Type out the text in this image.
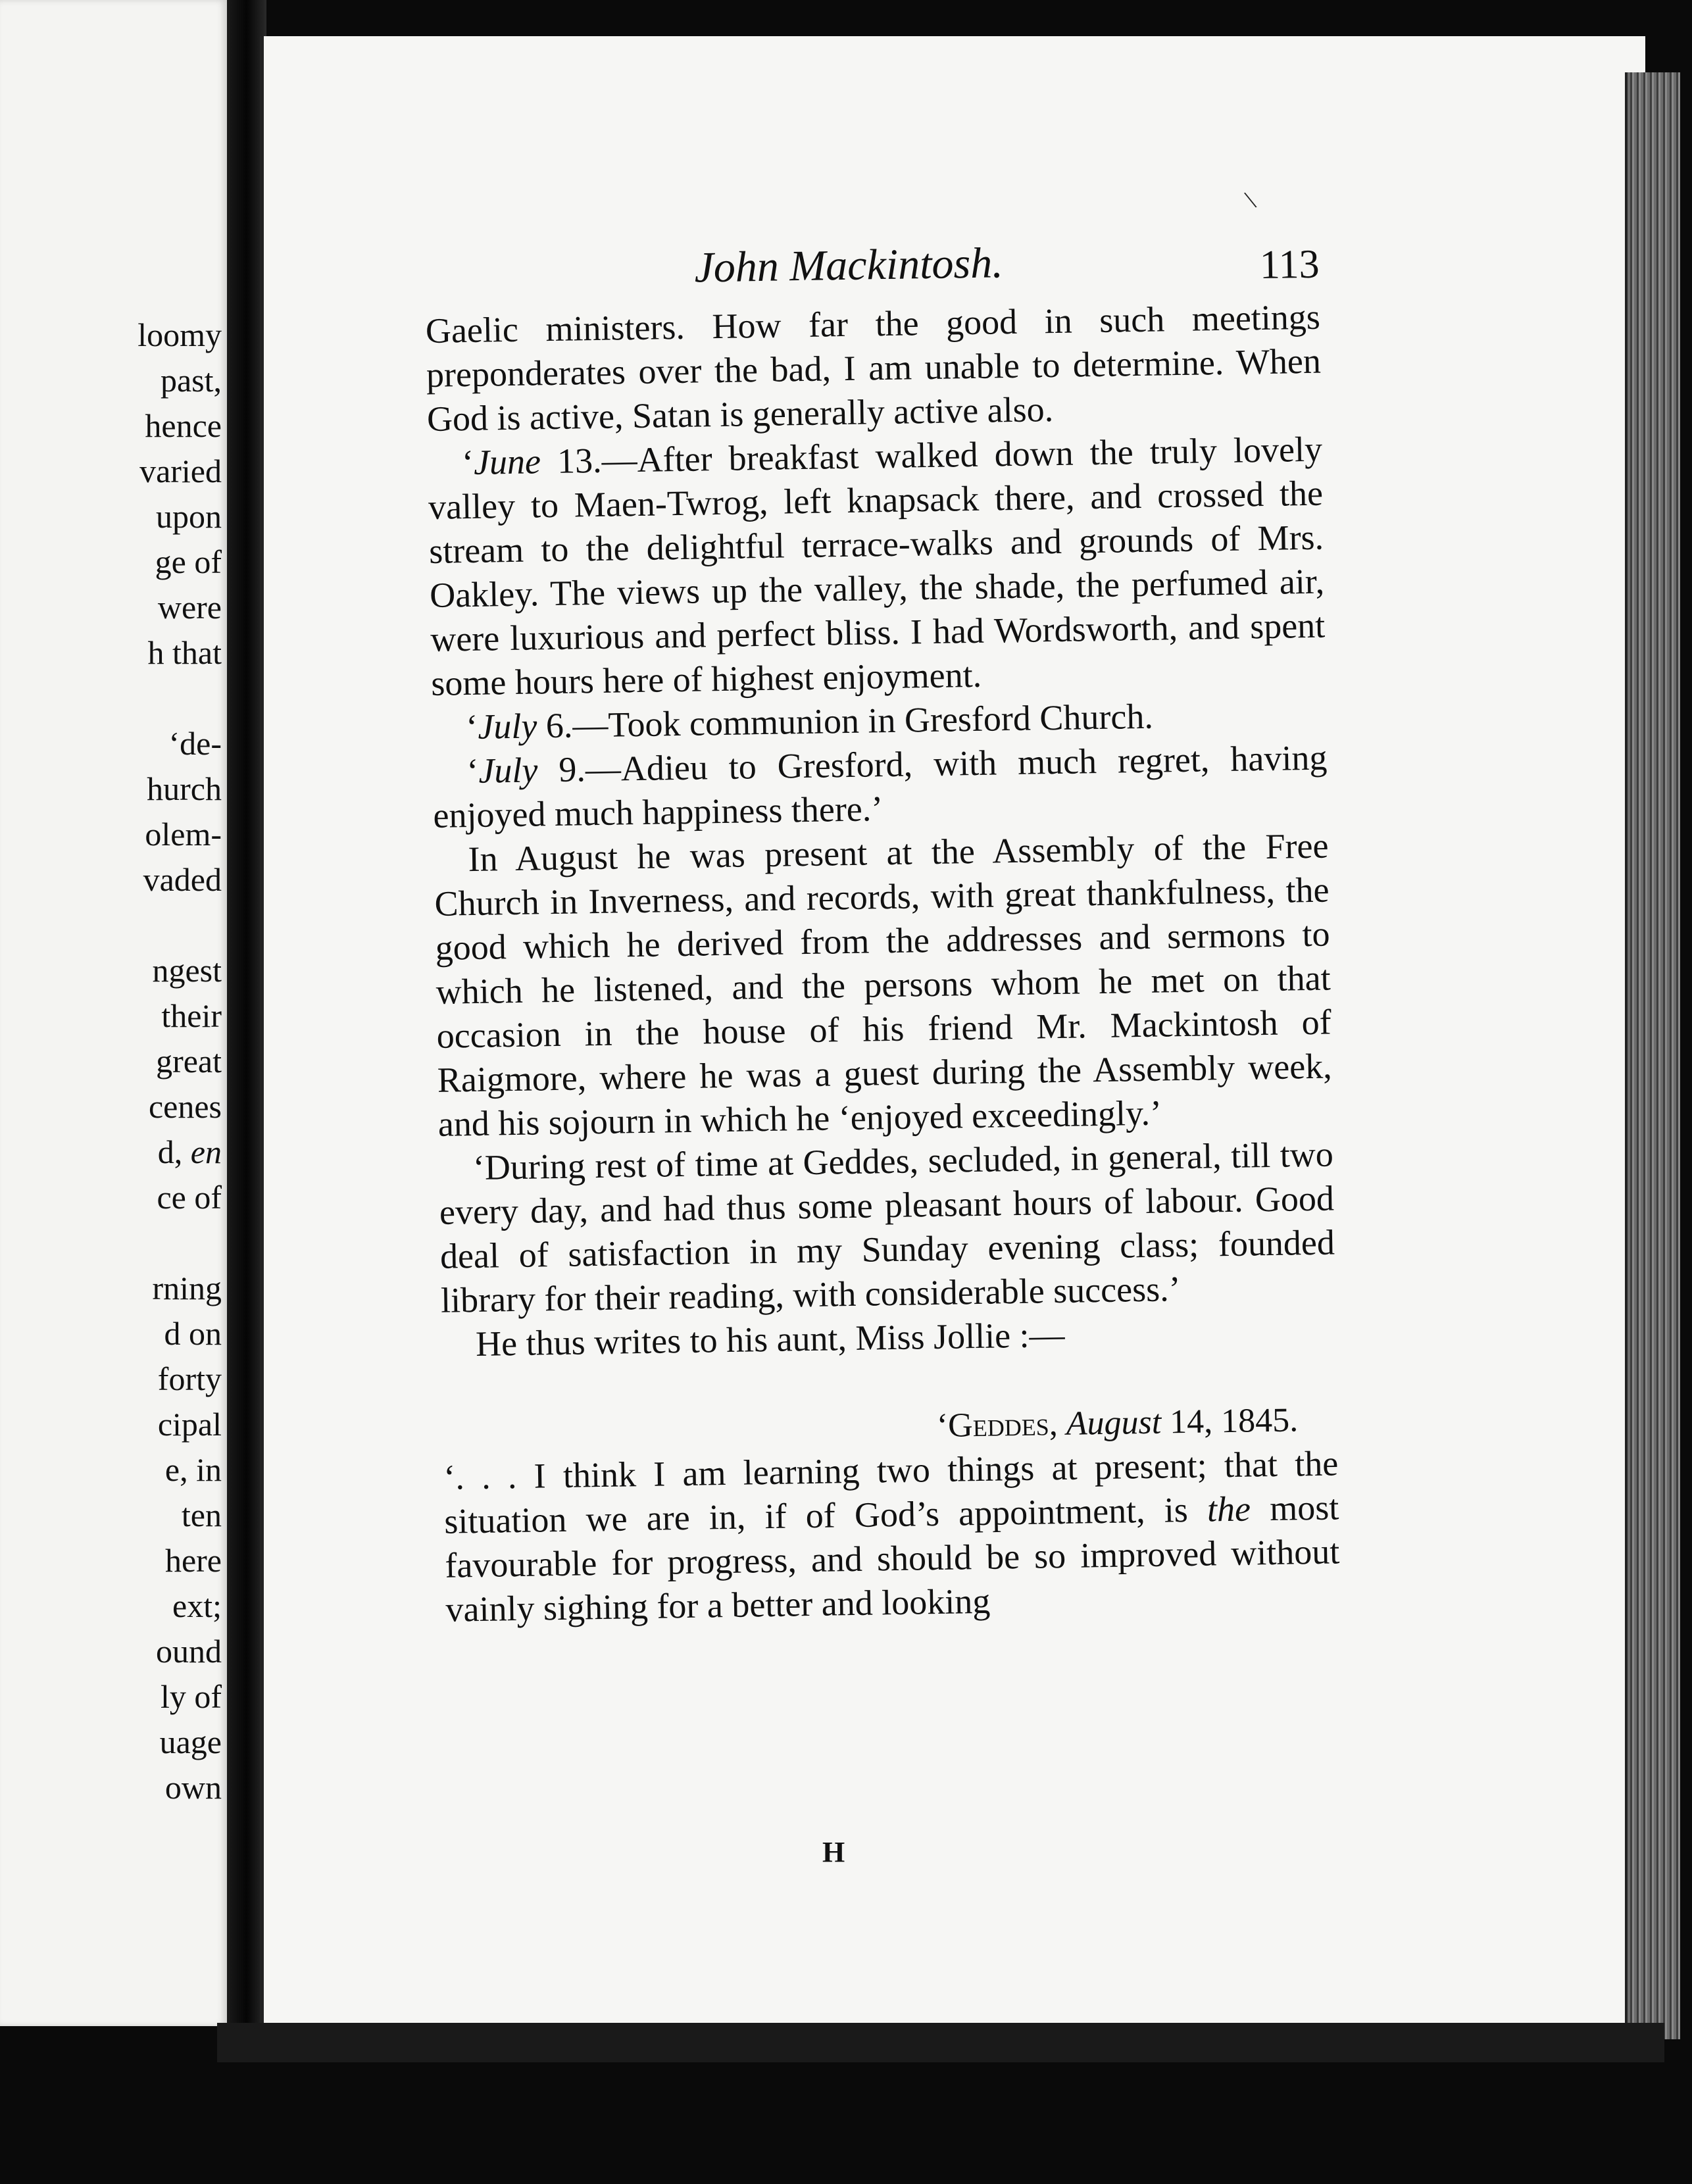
loomy
past,
hence
varied
upon
ge of
were
h that

‘de-
hurch
olem-
vaded

ngest
their
great
cenes
d, en
ce of

rning
d on
forty
cipal
e, in
ten
here
ext;
ound
ly of
uage
own
\
John Mackintosh.	113

Gaelic ministers. How far the good in such meetings preponderates over the bad, I am unable to determine. When God is active, Satan is generally active also.

‘June 13.—After breakfast walked down the truly lovely valley to Maen-Twrog, left knapsack there, and crossed the stream to the delightful terrace-walks and grounds of Mrs. Oakley. The views up the valley, the shade, the perfumed air, were luxurious and perfect bliss. I had Wordsworth, and spent some hours here of highest enjoyment.

‘July 6.—Took communion in Gresford Church.

‘July 9.—Adieu to Gresford, with much regret, having enjoyed much happiness there.’

In August he was present at the Assembly of the Free Church in Inverness, and records, with great thankfulness, the good which he derived from the addresses and sermons to which he listened, and the persons whom he met on that occasion in the house of his friend Mr. Mackintosh of Raigmore, where he was a guest during the Assembly week, and his sojourn in which he ‘enjoyed exceedingly.’

‘During rest of time at Geddes, secluded, in general, till two every day, and had thus some pleasant hours of labour. Good deal of satisfaction in my Sunday evening class; founded library for their reading, with considerable success.’

He thus writes to his aunt, Miss Jollie :—

‘Geddes, August 14, 1845.

‘. . . I think I am learning two things at present; that the situation we are in, if of God’s appointment, is the most favourable for progress, and should be so improved without vainly sighing for a better and looking

H
